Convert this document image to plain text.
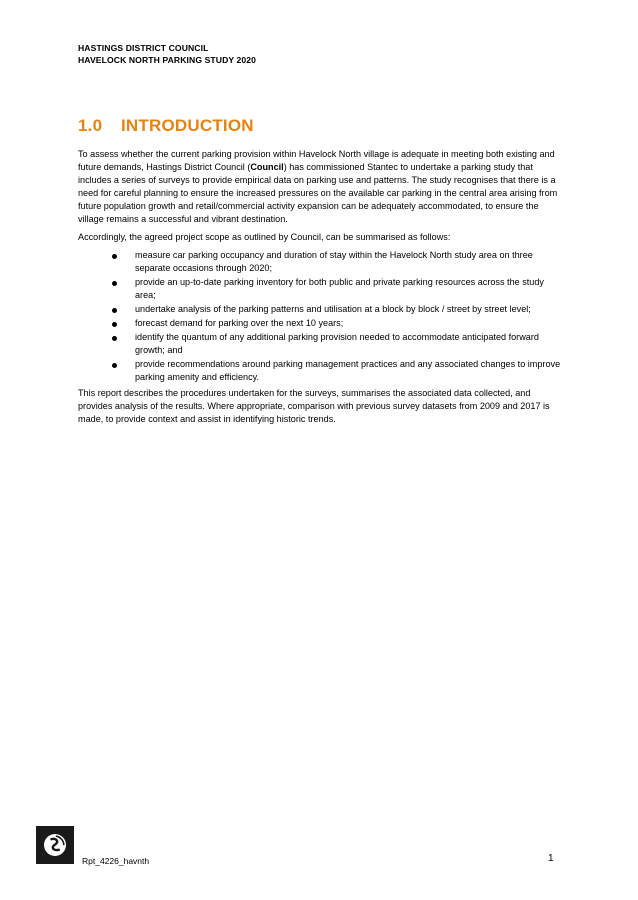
HASTINGS DISTRICT COUNCIL
HAVELOCK NORTH PARKING STUDY 2020
1.0 INTRODUCTION

To assess whether the current parking provision within Havelock North village is adequate in meeting both existing and future demands, Hastings District Council (Council) has commissioned Stantec to undertake a parking study that includes a series of surveys to provide empirical data on parking use and patterns. The study recognises that there is a need for careful planning to ensure the increased pressures on the available car parking in the central area arising from future population growth and retail/commercial activity expansion can be adequately accommodated, to ensure the village remains a successful and vibrant destination.

Accordingly, the agreed project scope as outlined by Council, can be summarised as follows:

measure car parking occupancy and duration of stay within the Havelock North study area on three separate occasions through 2020;
provide an up-to-date parking inventory for both public and private parking resources across the study area;
undertake analysis of the parking patterns and utilisation at a block by block / street by street level;
forecast demand for parking over the next 10 years;
identify the quantum of any additional parking provision needed to accommodate anticipated forward growth; and
provide recommendations around parking management practices and any associated changes to improve parking amenity and efficiency.

This report describes the procedures undertaken for the surveys, summarises the associated data collected, and provides analysis of the results. Where appropriate, comparison with previous survey datasets from 2009 and 2017 is made, to provide context and assist in identifying historic trends.

Rpt_4226_havnth	1
